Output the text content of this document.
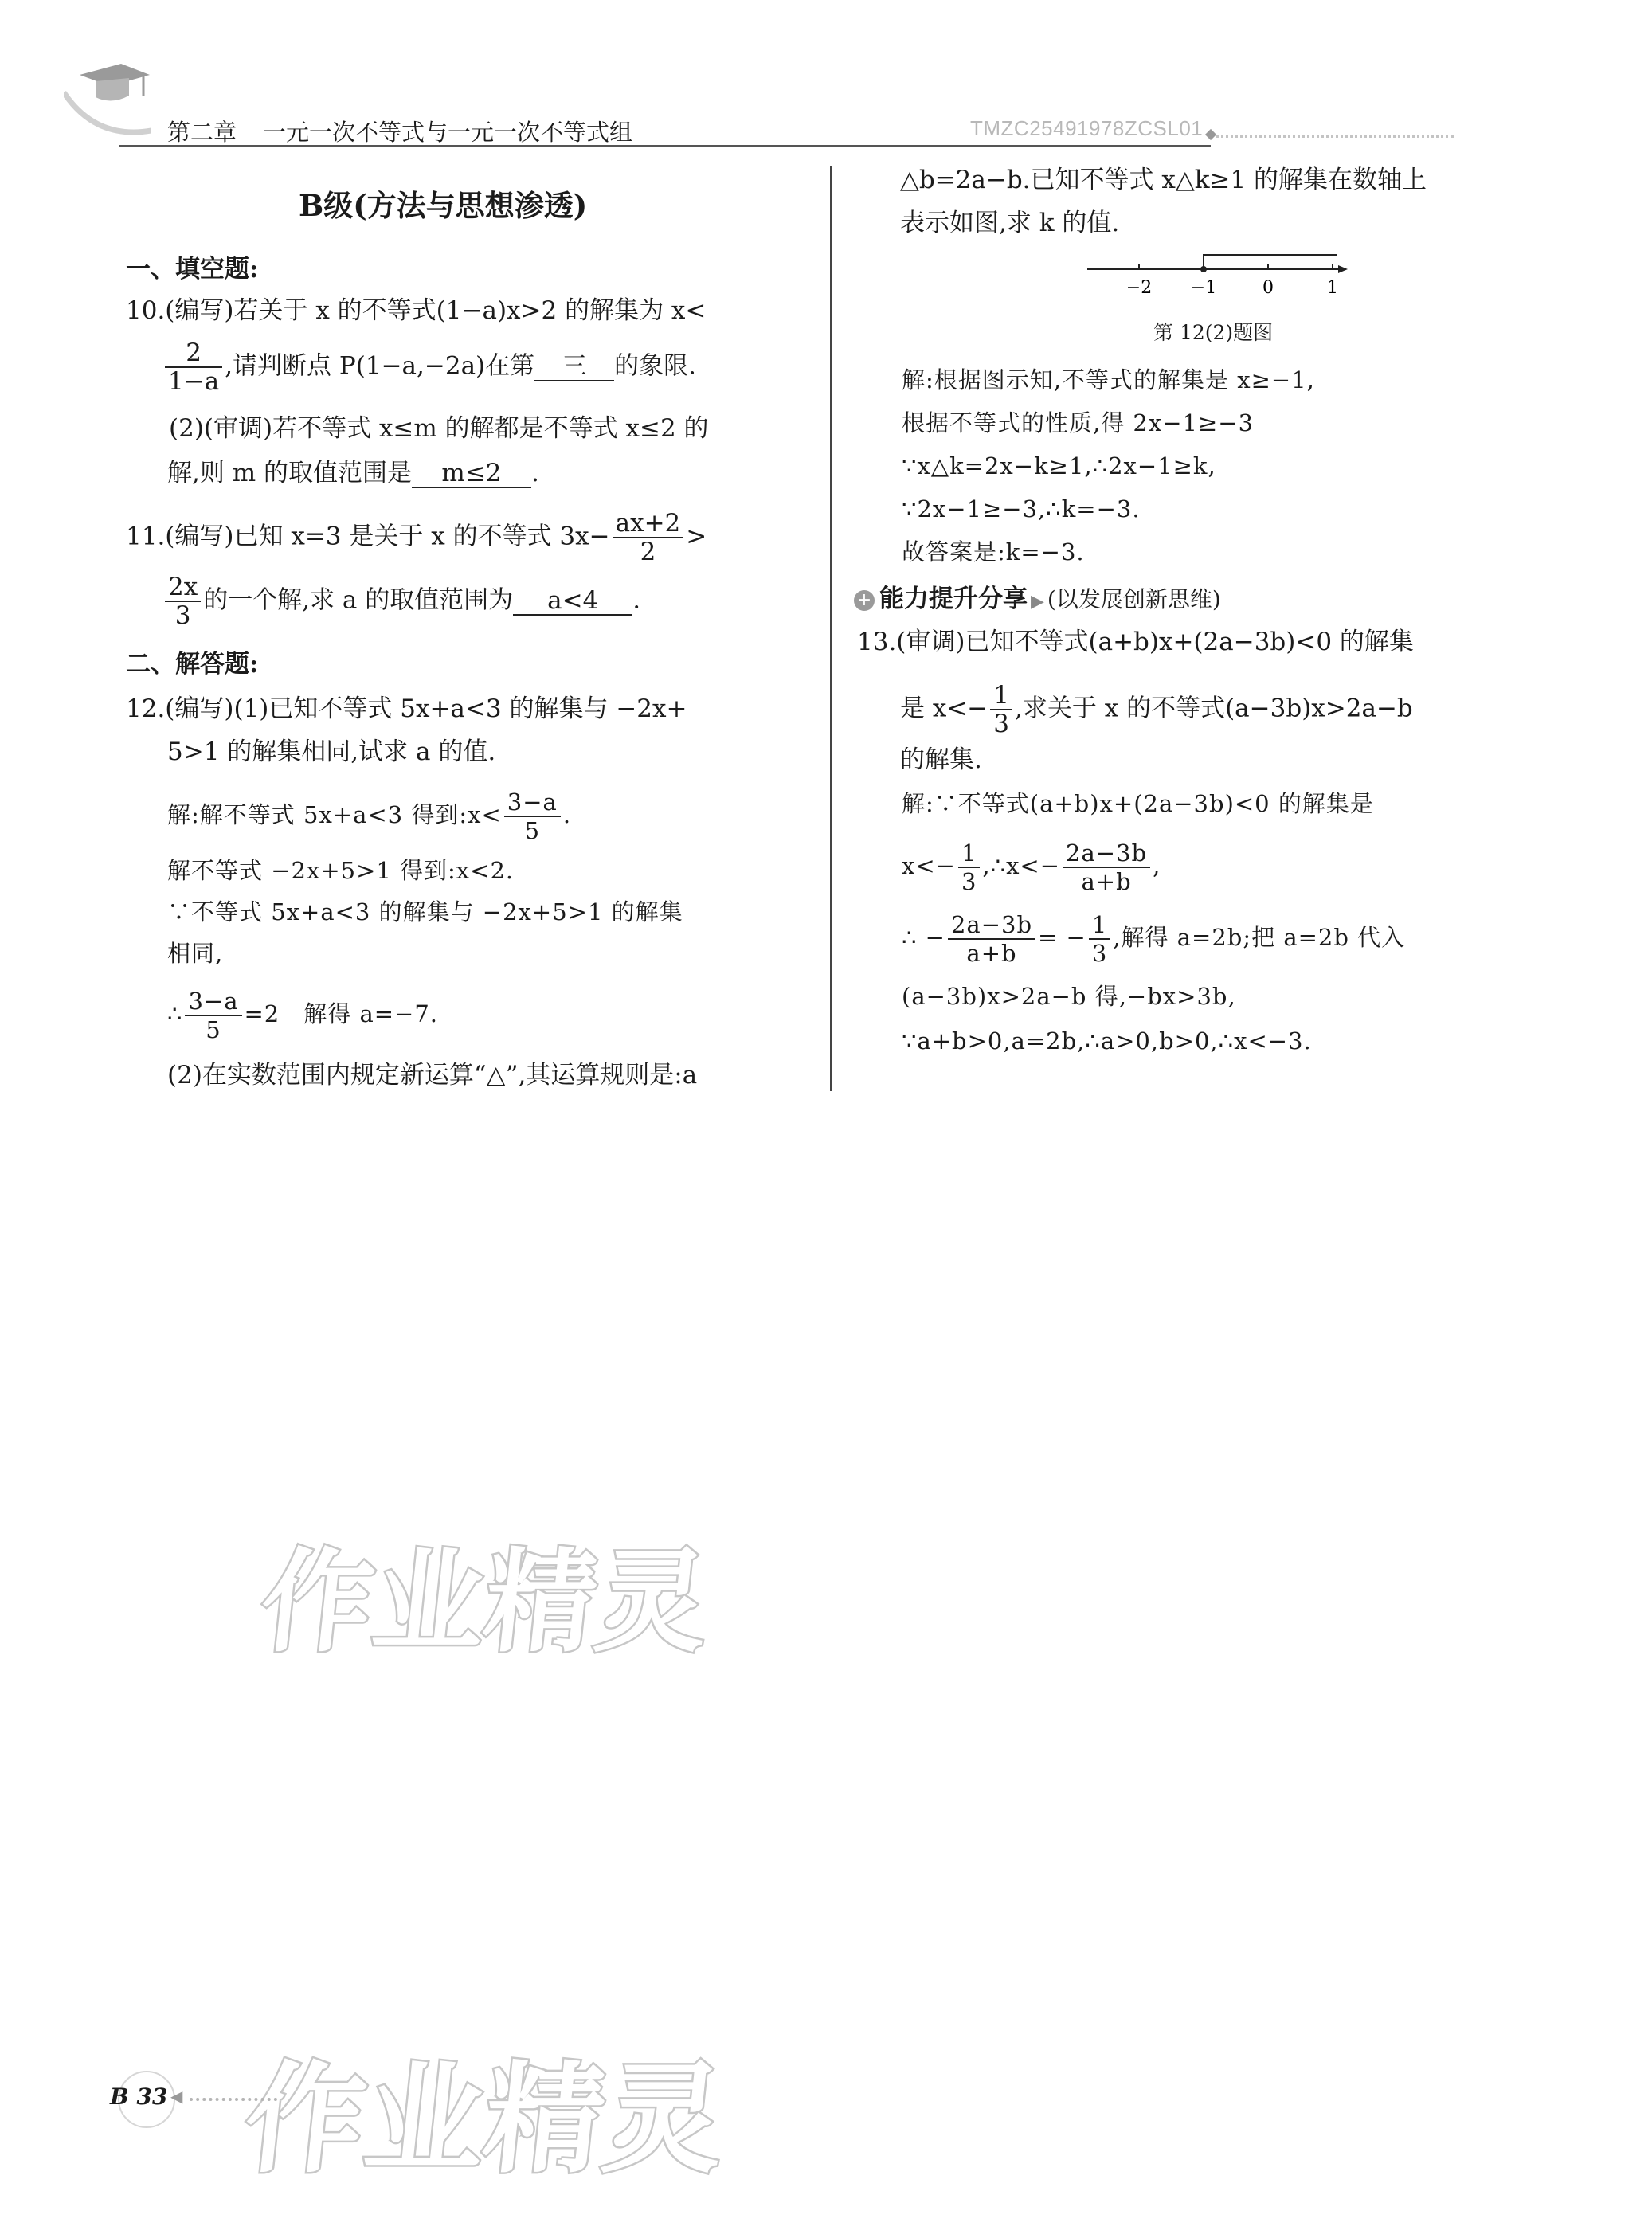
第二章 一元一次不等式与一元一次不等式组	TMZC25491978ZCSL01
B级(方法与思想渗透)
一、填空题:
10.(编写)若关于 x 的不等式(1−a)x>2 的解集为 x<
$\frac{2}{1-a}$ ,请判断点 P(1−a,−2a)在第 三 的象限.
(2)(审调)若不等式 x≤m 的解都是不等式 x≤2 的
解,则 m 的取值范围是 m≤2 .
11.(编写)已知 x=3 是关于 x 的不等式 $3x- \frac{ax+2}{2}$ >
$\frac{2x}{3}$ 的一个解,求 a 的取值范围为 a<4 .
二、解答题:
12.(编写)(1)已知不等式 5x+a<3 的解集与 −2x+
5>1 的解集相同,试求 a 的值.
解:解不等式 5x+a<3 得到:x< $\frac{3-a}{5}$ .
解不等式 −2x+5>1 得到:x<2.
∵不等式 5x+a<3 的解集与 −2x+5>1 的解集
相同,
∴ $\frac{3-a}{5} =2$　解得 a=−7.
(2)在实数范围内规定新运算“△”,其运算规则是:a
△b=2a−b.已知不等式 x△k≥1 的解集在数轴上
表示如图,求 k 的值.
−2 −1	0	1
第 12(2)题图
解:根据图示知,不等式的解集是 x≥−1,
根据不等式的性质,得 2x−1≥−3
∵x△k=2x−k≥1,∴2x−1≥k,
∵2x−1≥−3,∴k=−3.
故答案是:k=−3.
+ 能力提升分享 ▶ (以发展创新思维)
13.(审调)已知不等式(a+b)x+(2a−3b)<0 的解集
是 $x<- \frac{1}{3}$ ,求关于 x 的不等式(a−3b)x>2a−b
的解集.
解:∵不等式(a+b)x+(2a−3b)<0 的解集是
$x<- \frac{1}{3}$ ,∴x<− $\frac{2a-3b}{a+b}$ ,
∴ − $\frac{2a-3b}{a+b}$ = − $\frac{1}{3}$ ,解得 a=2b;把 a=2b 代入
(a−3b)x>2a−b 得,−bx>3b,
∵a+b>0,a=2b,∴a>0,b>0,∴x<−3.
作业精灵
作业精灵
B 33 ◀
